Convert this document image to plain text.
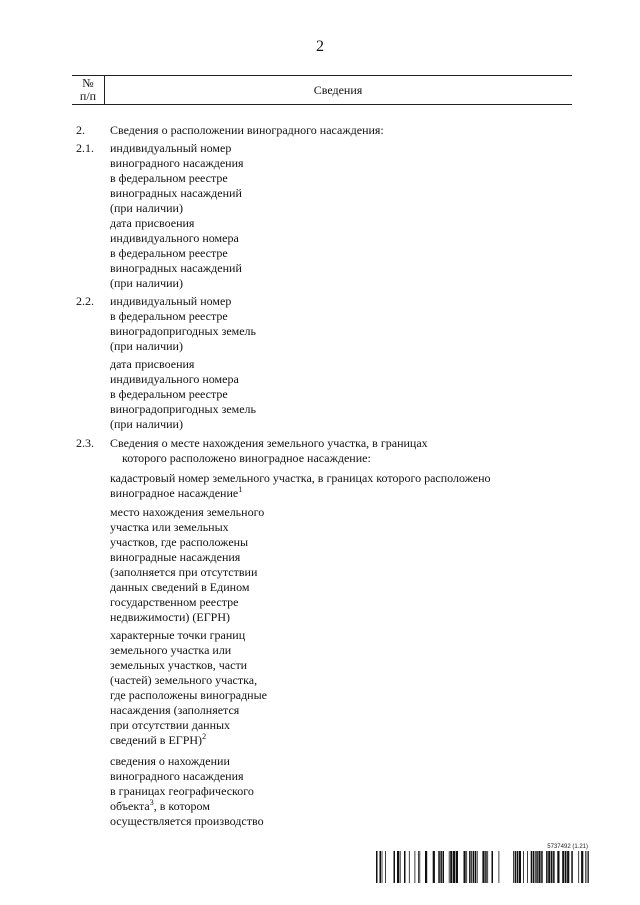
2
№
п/п	Сведения
2. Сведения о расположении виноградного насаждения:
2.1. индивидуальный номер
виноградного насаждения
в федеральном реестре
виноградных насаждений
(при наличии)
дата присвоения
индивидуального номера
в федеральном реестре
виноградных насаждений
(при наличии)
2.2. индивидуальный номер
в федеральном реестре
виноградопригодных земель
(при наличии)
дата присвоения
индивидуального номера
в федеральном реестре
виноградопригодных земель
(при наличии)
2.3. Сведения о месте нахождения земельного участка, в границах
которого расположено виноградное насаждение:
кадастровый номер земельного участка, в границах которого расположено
виноградное насаждение$^1$
место нахождения земельного
участка или земельных
участков, где расположены
виноградные насаждения
(заполняется при отсутствии
данных сведений в Едином
государственном реестре
недвижимости) (ЕГРН)
характерные точки границ
земельного участка или
земельных участков, части
(частей) земельного участка,
где расположены виноградные
насаждения (заполняется
при отсутствии данных
сведений в ЕГРН)$^2$
сведения о нахождении
виноградного насаждения
в границах географического
объекта$^3$, в котором
осуществляется производство
5737492 (1.21)
